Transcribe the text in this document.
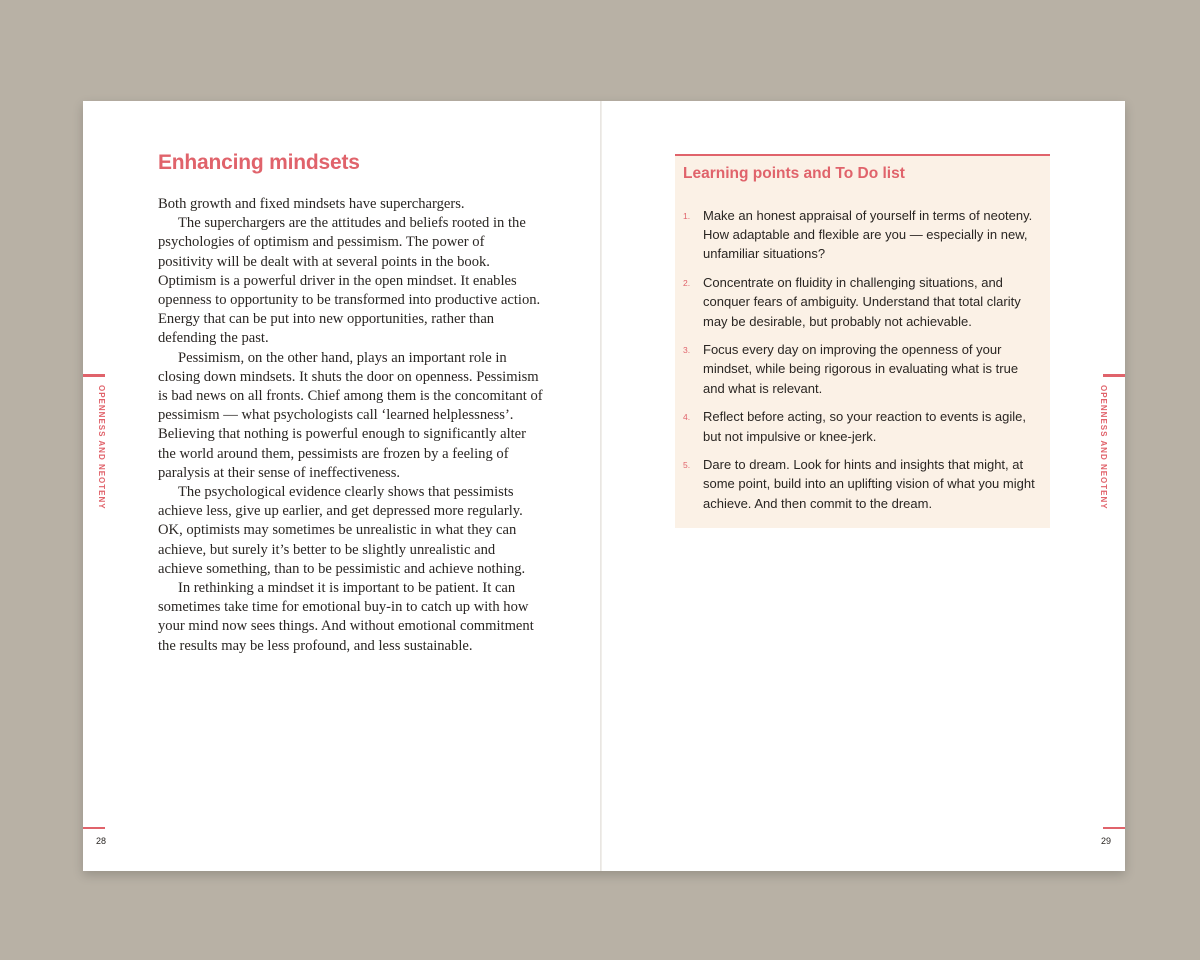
Enhancing mindsets

Both growth and fixed mindsets have superchargers.

The superchargers are the attitudes and beliefs rooted in the psychologies of optimism and pessimism. The power of positivity will be dealt with at several points in the book. Optimism is a powerful driver in the open mindset. It enables openness to opportunity to be transformed into productive action. Energy that can be put into new opportunities, rather than defending the past.

Pessimism, on the other hand, plays an important role in closing down mindsets. It shuts the door on openness. Pessimism is bad news on all fronts. Chief among them is the concomitant of pessimism — what psychologists call ‘learned helplessness’. Believing that nothing is powerful enough to significantly alter the world around them, pessimists are frozen by a feeling of paralysis at their sense of ineffectiveness.

The psychological evidence clearly shows that pessimists achieve less, give up earlier, and get depressed more regularly. OK, optimists may sometimes be unrealistic in what they can achieve, but surely it’s better to be slightly unrealistic and achieve something, than to be pessimistic and achieve nothing.

In rethinking a mindset it is important to be patient. It can sometimes take time for emotional buy-in to catch up with how your mind now sees things. And without emotional commitment the results may be less profound, and less sustainable.

OPENNESS AND NEOTENY
28
Learning points and To Do list
1. Make an honest appraisal of yourself in terms of neoteny. How adaptable and flexible are you — especially in new, unfamiliar situations?
2. Concentrate on fluidity in challenging situations, and conquer fears of ambiguity. Understand that total clarity may be desirable, but probably not achievable.
3. Focus every day on improving the openness of your mindset, while being rigorous in evaluating what is true and what is relevant.
4. Reflect before acting, so your reaction to events is agile, but not impulsive or knee-jerk.
5. Dare to dream. Look for hints and insights that might, at some point, build into an uplifting vision of what you might achieve. And then commit to the dream.	OPENNESS AND NEOTENY
29
